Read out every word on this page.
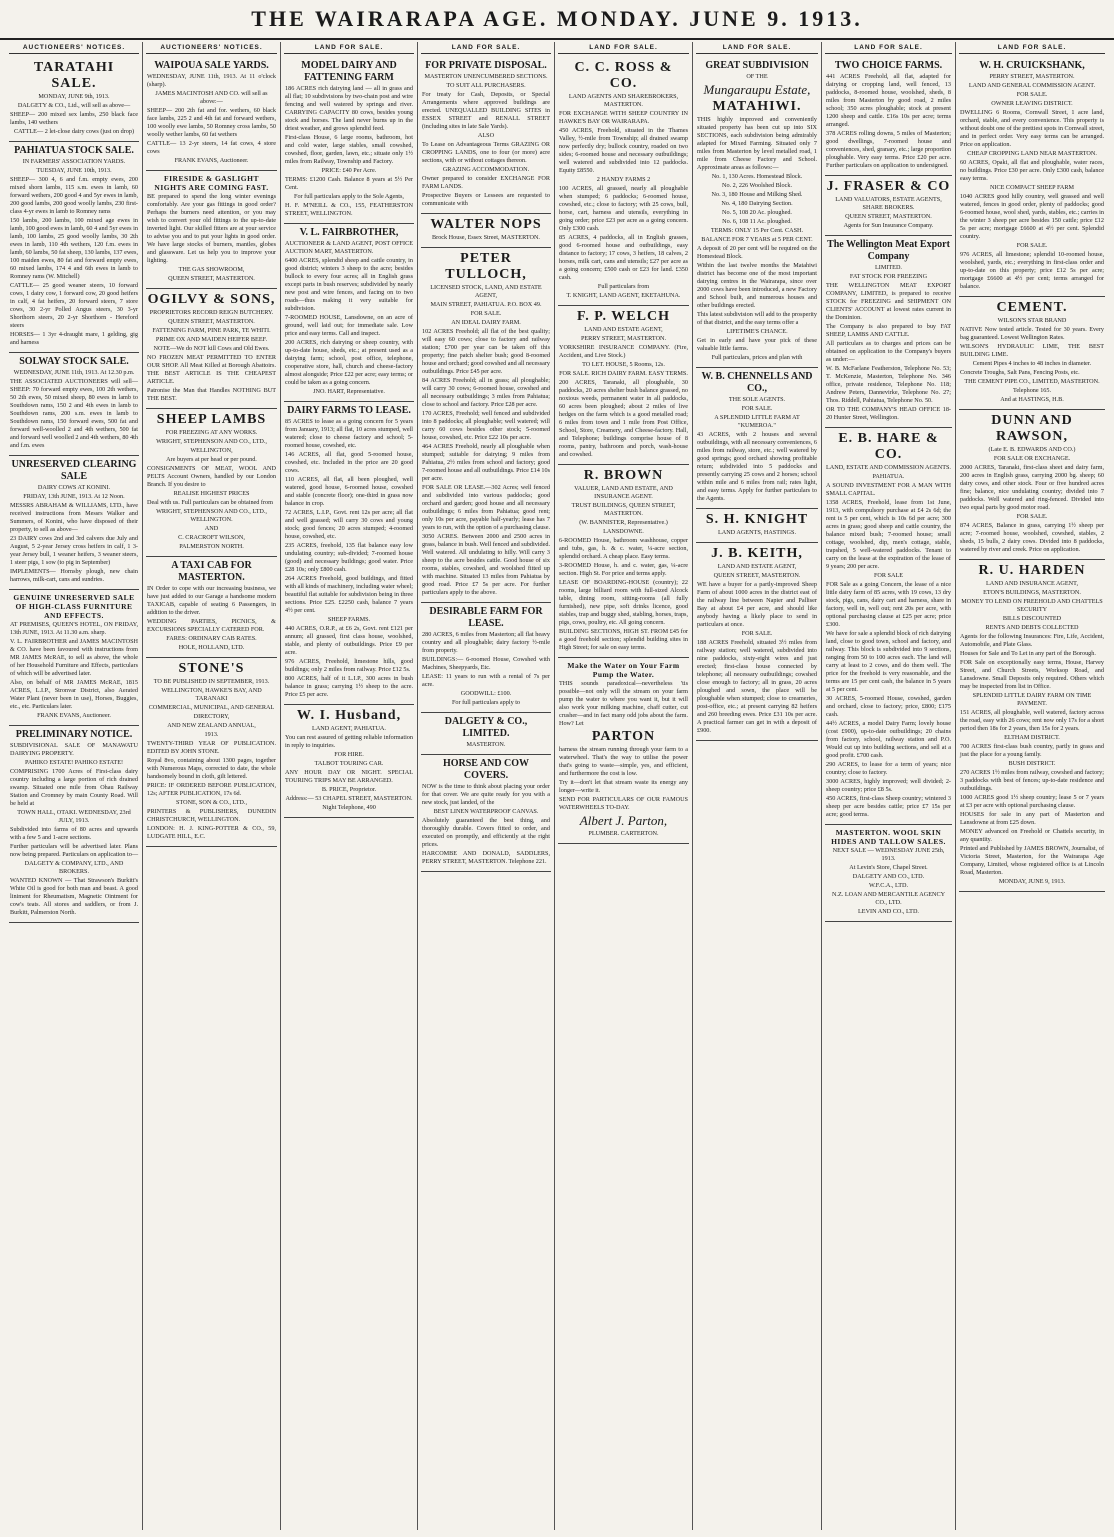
THE WAIRARAPA AGE. MONDAY. JUNE 9. 1913.
AUCTIONEERS' NOTICES.
TARATAHI SALE.

MONDAY, JUNE 9th, 1913.

DALGETY & CO., Ltd., will sell as above—

SHEEP— 200 mixed sex lambs, 250 black face lambs, 140 wethers

CATTLE— 2 let-close dairy cows (just on drop)

PAHIATUA STOCK SALE.

IN FARMERS' ASSOCIATION YARDS.

TUESDAY, JUNE 10th, 1913.

SHEEP— 300 4, 6 and f.m. empty ewes, 200 mixed shorn lambs, 115 s.m. ewes in lamb, 60 forward wethers, 200 good 4 and 5yr ewes in lamb, 200 good lambs, 200 good woolly lambs, 230 first-class 4-yr ewes in lamb to Romney rams

150 lambs, 200 lambs, 100 mixed age ewes in lamb, 100 good ewes in lamb, 60 4 and 5yr ewes in lamb, 100 lambs, 25 good woolly lambs, 30 2th ewes in lamb, 110 4th wethers, 120 f.m. ewes in lamb, 60 lambs, 50 fat sheep, 130 lambs, 137 ewes, 100 maiden ewes, 80 fat and forward empty ewes, 60 mixed lambs, 174 4 and 6th ewes in lamb to Romney rams (W. Mitchell)

CATTLE— 25 good weaner steers, 10 forward cows, 1 dairy cow, 1 forward cow, 20 good heifers in calf, 4 fat heifers, 20 forward steers, 7 store cows, 30 2-yr Polled Angus steers, 30 3-yr Shorthorn steers, 20 2-yr Shorthorn - Hereford steers

HORSES— 1 3yr 4-draught mare, 1 gelding, gig and harness

SOLWAY STOCK SALE.

WEDNESDAY, JUNE 11th, 1913. At 12.30 p.m.

THE ASSOCIATED AUCTIONEERS will sell— SHEEP: 70 forward empty ewes, 100 2th wethers, 50 2th ewes, 50 mixed sheep, 80 ewes in lamb to Southdown rams, 150 2 and 4th ewes in lamb to Southdown rams, 200 s.m. ewes in lamb to Southdown rams, 150 forward ewes, 500 fat and forward well-woolled 2 and 4th wethers, 500 fat and forward well woolled 2 and 4th wethers, 80 4th and f.m. ewes

UNRESERVED CLEARING SALE

DAIRY COWS AT KONINI.

FRIDAY, 13th JUNE, 1913. At 12 Noon.

MESSRS ABRAHAM & WILLIAMS, LTD., have received instructions from Messrs Walker and Summers, of Konini, who have disposed of their property, to sell as above—

23 DAIRY cows 2nd and 3rd calvers due July and August, 5 2-year Jersey cross heifers in calf, 1 3-year Jersey bull, 1 weaner heifers, 3 weaner steers, 1 steer pigs, 1 sow (to pig in September)

IMPLEMENTS— Hornsby plough, new chain harrows, milk-cart, cans and sundries.

GENUINE UNRESERVED SALE OF HIGH-CLASS FURNITURE AND EFFECTS.

AT PREMISES, QUEEN'S HOTEL, ON FRIDAY, 13th JUNE, 1913. At 11.30 a.m. sharp.

V. L. FAIRBROTHER and JAMES MACINTOSH & CO. have been favoured with instructions from MR JAMES McRAE, to sell as above, the whole of her Household Furniture and Effects, particulars of which will be advertised later.

Also, on behalf of MR JAMES McRAE, 1815 ACRES, L.I.P., Stronvar District, also Aerated Water Plant (never been in use), Horses, Buggies, etc., etc. Particulars later.

FRANK EVANS, Auctioneer.

PRELIMINARY NOTICE.

SUBDIVISIONAL SALE OF MANAWATU DAIRYING PROPERTY.

PAHIKO ESTATE! PAHIKO ESTATE!

COMPRISING 1700 Acres of First-class dairy country including a large portion of rich drained swamp. Situated one mile from Ohau Railway Station and Cromney by main County Road. Will be held at

TOWN HALL, OTAKI. WEDNESDAY, 23rd JULY, 1913.

Subdivided into farms of 80 acres and upwards with a few 5 and 1-acre sections.

Further particulars will be advertised later. Plans now being prepared. Particulars on application to—

DALGETY & COMPANY, LTD., AND BROKERS.

WANTED KNOWN — That Strawson's Burkitt's White Oil is good for both man and beast. A good liniment for Rheumatism, Magnetic Ointment for cow's teats. All stores and saddlers, or from J. Burkitt, Palmerston North.

AUCTIONEERS' NOTICES.
WAIPOUA SALE YARDS.

WEDNESDAY, JUNE 11th, 1913. At 11 o'clock (sharp).

JAMES MACINTOSH AND CO. will sell as above:—

SHEEP— 200 2th fat and for. wethers, 60 black face lambs, 225 2 and 4th fat and forward wethers, 100 woolly ewe lambs, 50 Romney cross lambs, 50 woolly wether lambs, 60 fat wethers

CATTLE— 13 2-yr steers, 14 fat cows, 4 store cows

FRANK EVANS, Auctioneer.

FIRESIDE & GASLIGHT NIGHTS ARE COMING FAST.

BE prepared to spend the long winter evenings comfortably. Are your gas fittings in good order? Perhaps the burners need attention, or you may wish to convert your old fittings to the up-to-date inverted light. Our skilled fitters are at your service to advise you and to put your lights in good order. We have large stocks of burners, mantles, globes and glassware. Let us help you to improve your lighting.

THE GAS SHOWROOM,

QUEEN STREET, MASTERTON.

OGILVY & SONS,

PROPRIETORS RECORD REIGN BUTCHERY.

QUEEN STREET, MASTERTON.

FATTENING FARM, PINE PARK, TE WHITI.

PRIME OX AND MAIDEN HEIFER BEEF.

NOTE—We do NOT kill Cows and Old Ewes.

NO FROZEN MEAT PERMITTED TO ENTER OUR SHOP. All Meat Killed at Borough Abattoirs. THE BEST ARTICLE IS THE CHEAPEST ARTICLE.

Patronise the Man that Handles NOTHING BUT THE BEST.

SHEEP LAMBS

FOR FREEZING AT ANY WORKS.

WRIGHT, STEPHENSON AND CO., LTD.,

WELLINGTON,

Are buyers at per head or per pound.

CONSIGNMENTS OF MEAT, WOOL AND PELTS Account Owners, handled by our London Branch. If you desire to

REALISE HIGHEST PRICES

Deal with us. Full particulars can be obtained from

WRIGHT, STEPHENSON AND CO., LTD., WELLINGTON.

AND

C. CRACROFT WILSON,

PALMERSTON NORTH.

A TAXI CAB FOR MASTERTON.

IN Order to cope with our increasing business, we have just added to our Garage a handsome modern TAXICAB, capable of seating 6 Passengers, in addition to the driver.

WEDDING PARTIES, PICNICS, & EXCURSIONS SPECIALLY CATERED FOR.

FARES: ORDINARY CAB RATES.

HOLE, HOLLAND, LTD.

STONE'S

TO BE PUBLISHED IN SEPTEMBER, 1913.

WELLINGTON, HAWKE'S BAY, AND TARANAKI

COMMERCIAL, MUNICIPAL, AND GENERAL

DIRECTORY,

AND NEW ZEALAND ANNUAL,

1913.

TWENTY-THIRD YEAR OF PUBLICATION. EDITED BY JOHN STONE.

Royal 8vo, containing about 1300 pages, together with Numerous Maps, corrected to date, the whole handsomely bound in cloth, gilt lettered.

PRICE: IF ORDERED BEFORE PUBLICATION, 12s; AFTER PUBLICATION, 17s 6d.

STONE, SON & CO., LTD.,

PRINTERS & PUBLISHERS, DUNEDIN CHRISTCHURCH, WELLINGTON.

LONDON: H. J. KING-POTTER & CO., 59, LUDGATE HILL, E.C.

LAND FOR SALE.
MODEL DAIRY AND FATTENING FARM

186 ACRES rich dairying land — all in grass and all flat; 10 subdivisions by two-chain post and wire fencing and well watered by springs and river. CARRYING CAPACITY 80 cows, besides young stock and horses. The land never burns up in the driest weather, and grows splendid feed.

First-class House, 6 large rooms, bathroom, hot and cold water, large stables, small cowshed, cowshed, floor, garden, lawn, etc.; situate only 1½ miles from Railway, Township and Factory.

PRICE: £40 Per Acre.

TERMS: £1200 Cash. Balance 8 years at 5½ Per Cent.

For full particulars apply to the Sole Agents,

H. F. M'NEILL & CO., 155, FEATHERSTON STREET, WELLINGTON.

V. L. FAIRBROTHER,

AUCTIONEER & LAND AGENT, POST OFFICE AUCTION MART, MASTERTON.

6400 ACRES, splendid sheep and cattle country, in good district; winters 3 sheep to the acre; besides bullock to every four acres; all in English grass except parts in bush reserves; subdivided by nearly new post and wire fences, and facing on to two roads—thus making it very suitable for subdivision.

7-ROOMED HOUSE, Lansdowne, on an acre of ground, well laid out; for immediate sale. Low price and easy terms. Call and inspect.

200 ACRES, rich dairying or sheep country, with up-to-date house, sheds, etc.; at present used as a dairying farm; school, post office, telephone, cooperative store, hall, church and cheese-factory almost alongside; Price £22 per acre; easy terms; or could be taken as a going concern.

JNO. HART, Representative.

DAIRY FARMS TO LEASE.

85 ACRES to lease as a going concern for 5 years from January, 1913; all flat, 10 acres stumped, well watered; close to cheese factory and school; 5-roomed house, cowshed, etc.

146 ACRES, all flat, good 5-roomed house, cowshed, etc. Included in the price are 20 good cows.

110 ACRES, all flat, all been ploughed, well watered, good house, 6-roomed house, cowshed and stable (concrete floor); one-third in grass now balance in crop.

72 ACRES, L.I.P., Govt. rent 12s per acre; all flat and well grassed; will carry 30 cows and young stock; good fences; 20 acres stumped; 4-roomed house, cowshed, etc.

235 ACRES, freehold, 135 flat balance easy low undulating country; sub-divided; 7-roomed house (good) and necessary buildings; good water. Price £28 10s; only £800 cash.

264 ACRES Freehold, good buildings, and fitted with all kinds of machinery, including water wheel; beautiful flat suitable for subdivision being in three sections. Price £25. £2250 cash, balance 7 years 4½ per cent.

SHEEP FARMS.

440 ACRES, O.R.P., at £6 2s, Govt. rent £121 per annum; all grassed, first class house, woolshed, stable, and plenty of outbuildings. Price £9 per acre.

976 ACRES, Freehold, limestone hills, good buildings; only 2 miles from railway. Price £12 5s.

800 ACRES, half of it L.I.P., 300 acres in bush balance in grass; carrying 1½ sheep to the acre. Price £5 per acre.

W. I. Husband,

LAND AGENT, PAHIATUA.

You can rest assured of getting reliable information in reply to inquiries.

FOR HIRE.

TALBOT TOURING CAR.

ANY HOUR DAY OR NIGHT. SPECIAL TOURING TRIPS MAY BE ARRANGED.

B. PRICE, Proprietor.

Address:— 53 CHAPEL STREET, MASTERTON.

Night Telephone, 490

LAND FOR SALE.
FOR PRIVATE DISPOSAL.

MASTERTON UNENCUMBERED SECTIONS.

TO SUIT ALL PURCHASERS.

For treaty for Cash, Deposits, or Special Arrangements where approved buildings are erected. UNEQUALLED BUILDING SITES in ESSEX STREET and RENALL STREET (including sites in late Sale Yards).

ALSO

To Lease on Advantageous Terms GRAZING OR CROPPING LANDS, one to four (or more) acre sections, with or without cottages thereon.

GRAZING ACCOMMODATION.

Owner prepared to consider EXCHANGE FOR FARM LANDS.

Prospective Buyers or Lessees are requested to communicate with

WALTER NOPS

Brock House, Essex Street, MASTERTON.

PETER TULLOCH,

LICENSED STOCK, LAND, AND ESTATE AGENT,

MAIN STREET, PAHIATUA. P.O. BOX 49.

FOR SALE.

AN IDEAL DAIRY FARM.

102 ACRES Freehold; all flat of the best quality; will easy 60 cows; close to factory and railway station; £700 per year can be taken off this property; fine patch shelter bush; good 8-roomed house and orchard; good cowshed and all necessary outbuildings. Price £45 per acre.

84 ACRES Freehold; all in grass; all ploughable; will carry 30 cows; 6-roomed house, cowshed and all necessary outbuildings; 3 miles from Pahiatua; close to school and factory. Price £28 per acre.

170 ACRES, Freehold; well fenced and subdivided into 8 paddocks; all ploughable; well watered; will carry 60 cows besides other stock; 5-roomed house, cowshed, etc. Price £22 10s per acre.

464 ACRES Freehold, nearly all ploughable when stumped; suitable for dairying; 9 miles from Pahiatua, 2½ miles from school and factory; good 7-roomed house and all outbuildings. Price £14 10s per acre.

FOR SALE OR LEASE.—302 Acres; well fenced and subdivided into various paddocks; good orchard and garden; good house and all necessary outbuildings; 6 miles from Pahiatua; good rent; only 10s per acre, payable half-yearly; lease has 7 years to run, with the option of a purchasing clause.

3050 ACRES. Between 2000 and 2500 acres in grass, balance in bush. Well fenced and subdivided. Well watered. All undulating to hilly. Will carry 3 sheep to the acre besides cattle. Good house of six rooms, stables, cowshed, and woolshed fitted up with machine. Situated 13 miles from Pahiatua by good road. Price £7 5s per acre. For further particulars apply to the above.

DESIRABLE FARM FOR LEASE.

280 ACRES, 6 miles from Masterton; all flat heavy country and all ploughable; dairy factory ½-mile from property.

BUILDINGS:— 6-roomed House, Cowshed with Machines, Sheepyards, Etc.

LEASE: 11 years to run with a rental of 7s per acre.

GOODWILL: £100.

For full particulars apply to

DALGETY & CO., LIMITED.

MASTERTON.

HORSE AND COW COVERS.

NOW is the time to think about placing your order for that cover. We are quite ready for you with a new stock, just landed, of the

BEST LINEN WATERPROOF CANVAS.

Absolutely guaranteed the best thing, and thoroughly durable. Covers fitted to order, and executed on promptly, and efficiently at the right prices.

HARCOMBE AND DONALD, SADDLERS, PERRY STREET, MASTERTON. Telephone 221.

LAND FOR SALE.
C. C. ROSS & CO.

LAND AGENTS AND SHAREBROKERS, MASTERTON.

FOR EXCHANGE WITH SHEEP COUNTRY IN HAWKE'S BAY OR WAIRARAPA.

450 ACRES, Freehold, situated in the Thames Valley, ½-mile from Township; all drained swamp now perfectly dry; bullock country, roaded on two sides; 6-roomed house and necessary outbuildings; well watered and subdivided into 12 paddocks. Equity £8550.

2 HANDY FARMS 2

100 ACRES, all grassed, nearly all ploughable when stumped; 6 paddocks; 6-roomed house, cowshed, etc.; close to factory; with 25 cows, bull, horse, cart, harness and utensils, everything in going order; price £23 per acre as a going concern. Only £300 cash.

85 ACRES, 4 paddocks, all in English grasses, good 6-roomed house and outbuildings, easy distance to factory; 17 cows, 3 heifers, 18 calves, 2 horses, milk cart, cans and utensils; £27 per acre as a going concern; £500 cash or £23 for land. £350 cash.

Full particulars from

T. KNIGHT, LAND AGENT, EKETAHUNA.

F. P. WELCH

LAND AND ESTATE AGENT,

PERRY STREET, MASTERTON.

YORKSHIRE INSURANCE COMPANY. (Fire, Accident, and Live Stock.)

TO LET. HOUSE, 5 Rooms, 12s.

FOR SALE. RICH DAIRY FARM. EASY TERMS.

200 ACRES, Taranaki, all ploughable, 30 paddocks, 20 acres shelter bush balance grassed, no noxious weeds, permanent water in all paddocks, 60 acres been ploughed; about 2 miles of live hedges on the farm which is a good metalled road; 6 miles from town and 1 mile from Post Office, School, Store, Creamery, and Cheese-factory. Hall, and Telephone; buildings comprise house of 8 rooms, pantry, bathroom and porch, wash-house and cowshed.

R. BROWN

VALUER, LAND AND ESTATE, AND INSURANCE AGENT.

TRUST BUILDINGS, QUEEN STREET, MASTERTON.

(W. BANNISTER, Representative.)

LANSDOWNE.

6-ROOMED House, bathroom washhouse, copper and tubs, gas, h. & c. water, ¼-acre section, splendid orchard. A cheap place. Easy terms.

3-ROOMED House, h. and c. water, gas, ¼-acre section. High St. For price and terms apply.

LEASE OF BOARDING-HOUSE (country); 22 rooms, large billiard room with full-sized Alcock table, dining room, sitting-rooms (all fully furnished), new pipe, soft drinks licence, good stables, trap and buggy shed, stabling, horses, traps, pigs, cows, poultry, etc. All going concern.

BUILDING SECTIONS, HIGH ST. FROM £45 for a good freehold section; splendid building sites in High Street; for sale on easy terms.

Make the Water on Your Farm Pump the Water.

THIS sounds paradoxical—nevertheless 'tis possible—not only will the stream on your farm pump the water to where you want it, but it will also work your milking machine, chaff cutter, cut crusher—and in fact many odd jobs about the farm. How? Let

PARTON

harness the stream running through your farm to a waterwheel. That's the way to utilise the power that's going to waste—simple, yes, and efficient, and furthermore the cost is low.

Try it—don't let that stream waste its energy any longer—write it.

SEND FOR PARTICULARS OF OUR FAMOUS WATERWHEELS TO-DAY.

Albert J. Parton,

PLUMBER. CARTERTON.

LAND FOR SALE.
GREAT SUBDIVISION

OF THE

Mungaraupu Estate,

MATAHIWI.

THIS highly improved and conveniently situated property has been cut up into SIX SECTIONS, each subdivision being admirably adapted for Mixed Farming. Situated only 7 miles from Masterton by level metalled road, 1 mile from Cheese Factory and School. Approximate areas as follows:—

No. 1, 130 Acres. Homestead Block.

No. 2, 226 Woolshed Block.

No. 3, 180 House and Milking Shed.

No. 4, 180 Dairying Section.

No. 5, 108 20 Ac. ploughed.

No. 6, 108 11 Ac. ploughed.

TERMS: ONLY 15 Per Cent. CASH.

BALANCE FOR 7 YEARS at 5 PER CENT.

A deposit of 20 per cent will be required on the Homestead Block.

Within the last twelve months the Matahiwi district has become one of the most important dairying centres in the Wairarapa, since over 2000 cows have been introduced, a new Factory and School built, and numerous houses and other buildings erected.

This latest subdivision will add to the prosperity of that district, and the easy terms offer a

LIFETIME'S CHANCE.

Get in early and have your pick of these valuable little farms.

Full particulars, prices and plan with

W. B. CHENNELLS AND CO.,

THE SOLE AGENTS.

FOR SALE.

A SPLENDID LITTLE FARM AT "KUMEROA."

43 ACRES, with 2 houses and several outbuildings, with all necessary conveniences, 6 miles from railway, store, etc.; well watered by good springs; good orchard showing profitable return; subdivided into 5 paddocks and presently carrying 25 cows and 2 horses; school within mile and 6 miles from rail; rates light, and easy terms. Apply for further particulars to the Agents.

S. H. KNIGHT

LAND AGENTS, HASTINGS.

J. B. KEITH,

LAND AND ESTATE AGENT,

QUEEN STREET, MASTERTON.

WE have a buyer for a partly-improved Sheep Farm of about 1000 acres in the district east of the railway line between Napier and Palliser Bay at about £4 per acre, and should like anybody having a likely place to send in particulars at once.

FOR SALE.

188 ACRES Freehold, situated 3½ miles from railway station; well watered, subdivided into nine paddocks, sixty-eight wires and just erected; first-class house connected by telephone; all necessary outbuildings; cowshed close enough to factory; all in grass, 20 acres ploughed and sown, the place will be ploughable when stumped; close to creameries, post-office, etc.; at present carrying 82 heifers and 260 breeding ewes. Price £31 10s per acre. A practical farmer can get in with a deposit of £900.

LAND FOR SALE.
TWO CHOICE FARMS.

441 ACRES Freehold, all flat, adapted for dairying or cropping land, well fenced, 13 paddocks, 8-roomed house, woolshed, sheds, 8 miles from Masterton by good road, 2 miles school; 350 acres ploughable; stock at present 1200 sheep and cattle. £16s 10s per acre; terms arranged.

378 ACRES rolling downs, 5 miles of Masterton; good dwellings, 7-roomed house and conveniences, shed, granary, etc.; large proportion ploughable. Very easy terms. Price £20 per acre. Further particulars on application to undersigned.

J. FRASER & CO

LAND VALUATORS, ESTATE AGENTS, SHARE BROKERS.

QUEEN STREET, MASTERTON.

Agents for Sun Insurance Company.

The Wellington Meat Export Company

LIMITED.

FAT STOCK FOR FREEZING

THE WELLINGTON MEAT EXPORT COMPANY, LIMITED, is prepared to receive STOCK for FREEZING and SHIPMENT ON CLIENTS' ACCOUNT at lowest rates current in the Dominion.

The Company is also prepared to buy FAT SHEEP, LAMBS AND CATTLE.

All particulars as to charges and prices can be obtained on application to the Company's buyers as under:—

W. B. McFarlane Featherston, Telephone No. 53; T. McKenzie, Masterton, Telephone No. 346 office, private residence, Telephone No. 118; Andrew Peters, Dannevirke, Telephone No. 27; Thos. Riddell, Pahiatua, Telephone No. 50.

OR TO THE COMPANY'S HEAD OFFICE 18-20 Hunter Street, Wellington.

E. B. HARE & CO.

LAND, ESTATE AND COMMISSION AGENTS.

PAHIATUA.

A SOUND INVESTMENT FOR A MAN WITH SMALL CAPITAL.

1358 ACRES, Freehold, lease from 1st June, 1913, with compulsory purchase at £4 2s 6d; the rent is 5 per cent, which is 10s 6d per acre; 300 acres in grass; good sheep and cattle country, the balance mixed bush; 7-roomed house; small cottage, woolshed, dip, men's cottage, stable, trapshed, 5 well-watered paddocks. Tenant to carry on the lease at the expiration of the lease of 9 years; 200 per acre.

FOR SALE

FOR Sale as a going Concern, the lease of a nice little dairy farm of 85 acres, with 19 cows, 13 dry stock, pigs, cans, dairy cart and harness, share in factory, well in, well out; rent 20s per acre, with optional purchasing clause at £25 per acre; price £300.

We have for sale a splendid block of rich dairying land, close to good town, school and factory, and railway. This block is subdivided into 9 sections, ranging from 50 to 100 acres each. The land will carry at least to 2 cows, and do them well. The price for the freehold is very reasonable, and the terms are 15 per cent cash, the balance in 5 years at 5 per cent.

30 ACRES, 5-roomed House, cowshed, garden and orchard, close to factory; price, £800; £175 cash.

44½ ACRES, a model Dairy Farm; lovely house (cost £900), up-to-date outbuildings; 20 chains from factory, school, railway station and P.O. Would cut up into building sections, and sell at a good profit. £700 cash.

290 ACRES, to lease for a term of years; nice country; close to factory.

3000 ACRES, highly improved; well divided; 2-sheep country; price £8 5s.

450 ACRES, first-class Sheep country; wintered 3 sheep per acre besides cattle; price £7 15s per acre; good terms.

MASTERTON. WOOL SKIN HIDES AND TALLOW SALES.

NEXT SALE — WEDNESDAY JUNE 25th, 1913.

At Levin's Store, Chapel Street.

DALGETY AND CO., LTD.

W.F.C.A., LTD.

N.Z. LOAN AND MERCANTILE AGENCY CO., LTD.

LEVIN AND CO., LTD.

LAND FOR SALE.
W. H. CRUICKSHANK,

PERRY STREET, MASTERTON.

LAND AND GENERAL COMMISSION AGENT.

FOR SALE.

OWNER LEAVING DISTRICT.

DWELLING 6 Rooms, Cornwall Street, 1 acre land, orchard, stable, and every convenience. This property is without doubt one of the prettiest spots in Cornwall street, and in perfect order. Very easy terms can be arranged. Price on application.

CHEAP CROPPING LAND NEAR MASTERTON.

60 ACRES, Opaki, all flat and ploughable, water races, no buildings. Price £30 per acre. Only £300 cash, balance easy terms.

NICE COMPACT SHEEP FARM

1040 ACRES good hilly country, well grassed and well watered, fences in good order, plenty of paddocks; good 6-roomed house, wool shed, yards, stables, etc.; carries in the winter 3 sheep per acre besides 150 cattle; price £12 5s per acre; mortgage £6600 at 4½ per cent. Splendid country.

FOR SALE.

976 ACRES, all limestone; splendid 10-roomed house, woolshed, yards, etc.; everything in first-class order and up-to-date on this property; price £12 5s per acre; mortgage £6600 at 4½ per cent; terms arranged for balance.

CEMENT.

WILSON'S STAR BRAND

NATIVE Now tested article. Tested for 30 years. Every bag guaranteed. Lowest Wellington Rates.

WILSON'S HYDRAULIC LIME, THE BEST BUILDING LIME.

Cement Pipes 4 inches to 48 inches in diameter.

Concrete Troughs, Salt Pans, Fencing Posts, etc.

THE CEMENT PIPE CO., LIMITED, MASTERTON.

Telephone 165.

And at HASTINGS, H.B.

DUNN AND RAWSON,

(Late E. B. EDWARDS AND CO.)

FOR SALE OR EXCHANGE.

2000 ACRES, Taranaki, first-class sheet and dairy farm, 200 acres in English grass, carrying 2000 bg. sheep; 60 dairy cows, and other stock. Four or five hundred acres fine; balance, nice undulating country; divided into 7 paddocks. Well watered and ring-fenced. Divided into two equal parts by good motor road.

FOR SALE.

874 ACRES, Balance in grass, carrying 1½ sheep per acre; 7-roomed house, woolshed, cowshed, stables, 2 sheds, 15 bulls, 2 dairy cows. Divided into 8 paddocks, watered by river and creek. Price on application.

R. U. HARDEN

LAND AND INSURANCE AGENT,

ETON'S BUILDINGS, MASTERTON.

MONEY TO LEND ON FREEHOLD AND CHATTELS SECURITY

BILLS DISCOUNTED

RENTS AND DEBTS COLLECTED

Agents for the following Insurances: Fire, Life, Accident, Automobile, and Plate Glass.

Houses for Sale and To Let in any part of the Borough.

FOR Sale on exceptionally easy terms, House, Harvey Street, and Church Streets, Worksop Road, and Lansdowne. Small Deposits only required. Others which may be inspected from list in Office.

SPLENDID LITTLE DAIRY FARM ON TIME PAYMENT.

151 ACRES, all ploughable, well watered, factory across the road, easy with 26 cows; rent now only 17s for a short period then 18s for 2 years, then 15s for 2 years.

ELTHAM DISTRICT.

700 ACRES first-class bush country, partly in grass and just the place for a young family.

BUSH DISTRICT.

270 ACRES 1½ miles from railway, cowshed and factory; 3 paddocks with best of fences; up-to-date residence and outbuildings.

1000 ACRES good 1½ sheep country; lease 5 or 7 years at £3 per acre with optional purchasing clause.

HOUSES for sale in any part of Masterton and Lansdowne at from £25 down.

MONEY advanced on Freehold or Chattels security, in any quantity.

Printed and Published by JAMES BROWN, Journalist, of Victoria Street, Masterton, for the Wairarapa Age Company, Limited, whose registered office is at Lincoln Road, Masterton.

MONDAY, JUNE 9, 1913.
